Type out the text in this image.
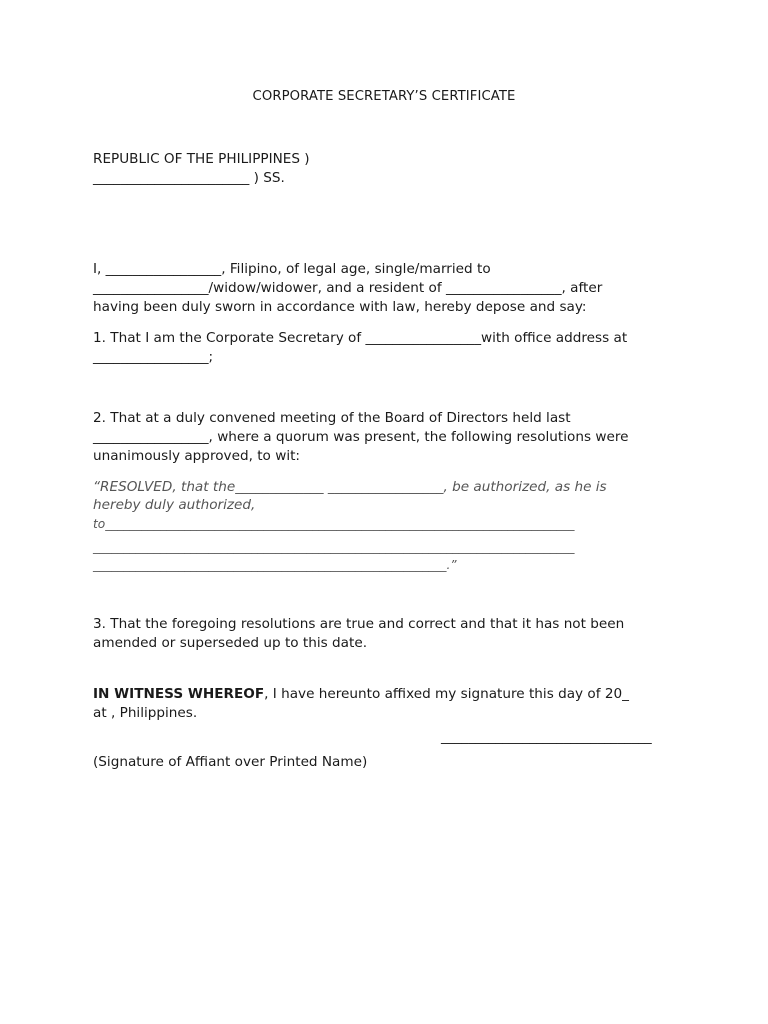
CORPORATE SECRETARY’S CERTIFICATE
REPUBLIC OF THE PHILIPPINES )
_______________________ ) SS.
I, _________________, Filipino, of legal age, single/married to
_________________/widow/widower, and a resident of _________________, after
having been duly sworn in accordance with law, hereby depose and say:
1. That I am the Corporate Secretary of _________________with office address at
_________________;
2. That at a duly convened meeting of the Board of Directors held last
_________________, where a quorum was present, the following resolutions were
unanimously approved, to wit:
“RESOLVED, that the_____________ _________________, be authorized, as he is
hereby duly authorized,
to_____________________________________________________________________________
_______________________________________________________________________________
__________________________________________________________.”
3. That the foregoing resolutions are true and correct and that it has not been
amended or superseded up to this date.
IN WITNESS WHEREOF, I have hereunto affixed my signature this day of 20_
at , Philippines.
_______________________________
(Signature of Affiant over Printed Name)
